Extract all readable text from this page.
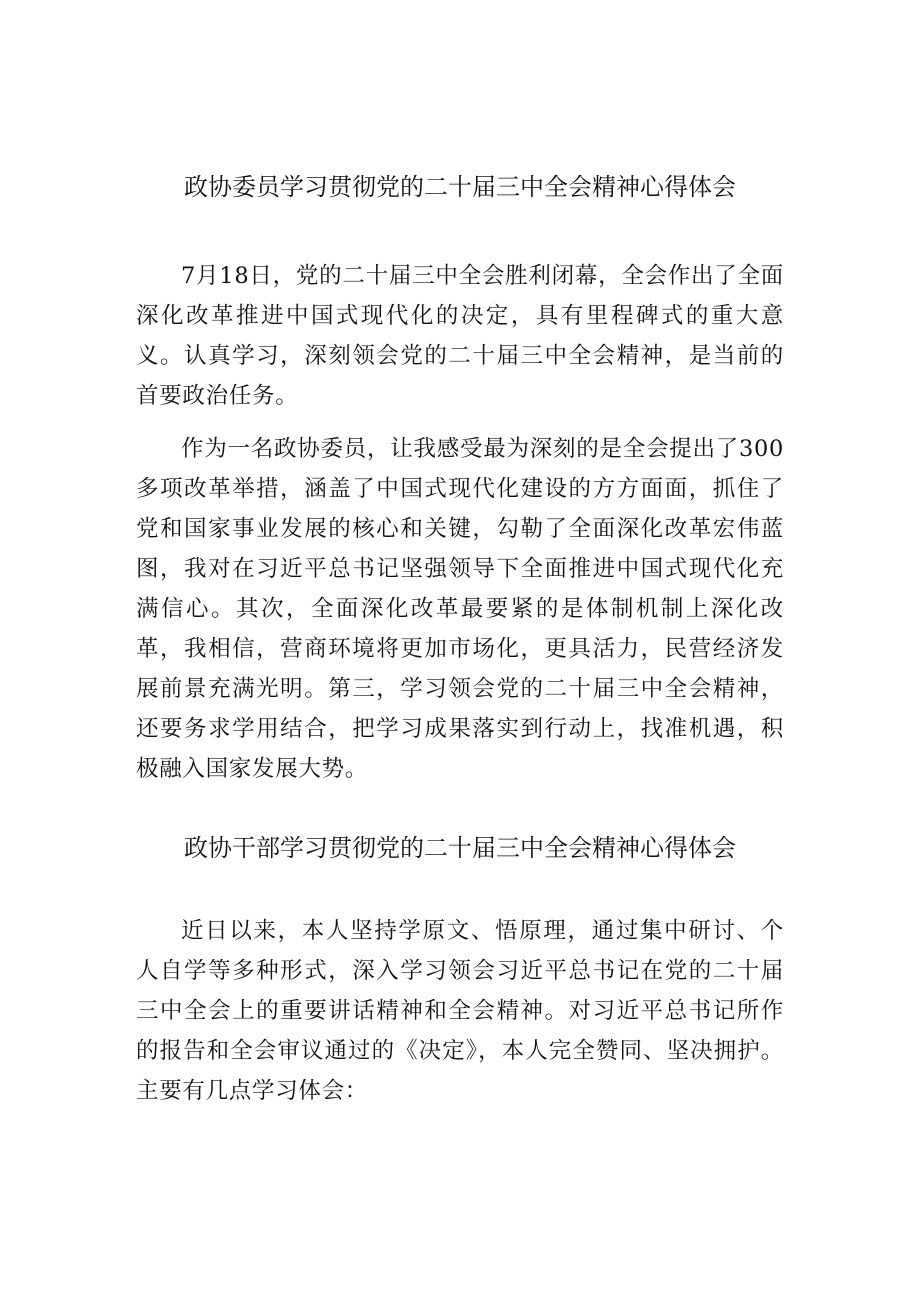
政协委员学习贯彻党的二十届三中全会精神心得体会

7月18日，党的二十届三中全会胜利闭幕，全会作出了全面深化改革推进中国式现代化的决定，具有里程碑式的重大意义。认真学习，深刻领会党的二十届三中全会精神，是当前的首要政治任务。

作为一名政协委员，让我感受最为深刻的是全会提出了300多项改革举措，涵盖了中国式现代化建设的方方面面，抓住了党和国家事业发展的核心和关键，勾勒了全面深化改革宏伟蓝图，我对在习近平总书记坚强领导下全面推进中国式现代化充满信心。其次，全面深化改革最要紧的是体制机制上深化改革，我相信，营商环境将更加市场化，更具活力，民营经济发展前景充满光明。第三，学习领会党的二十届三中全会精神，还要务求学用结合，把学习成果落实到行动上，找准机遇，积极融入国家发展大势。

政协干部学习贯彻党的二十届三中全会精神心得体会

近日以来，本人坚持学原文、悟原理，通过集中研讨、个人自学等多种形式，深入学习领会习近平总书记在党的二十届三中全会上的重要讲话精神和全会精神。对习近平总书记所作的报告和全会审议通过的《决定》，本人完全赞同、坚决拥护。主要有几点学习体会：
